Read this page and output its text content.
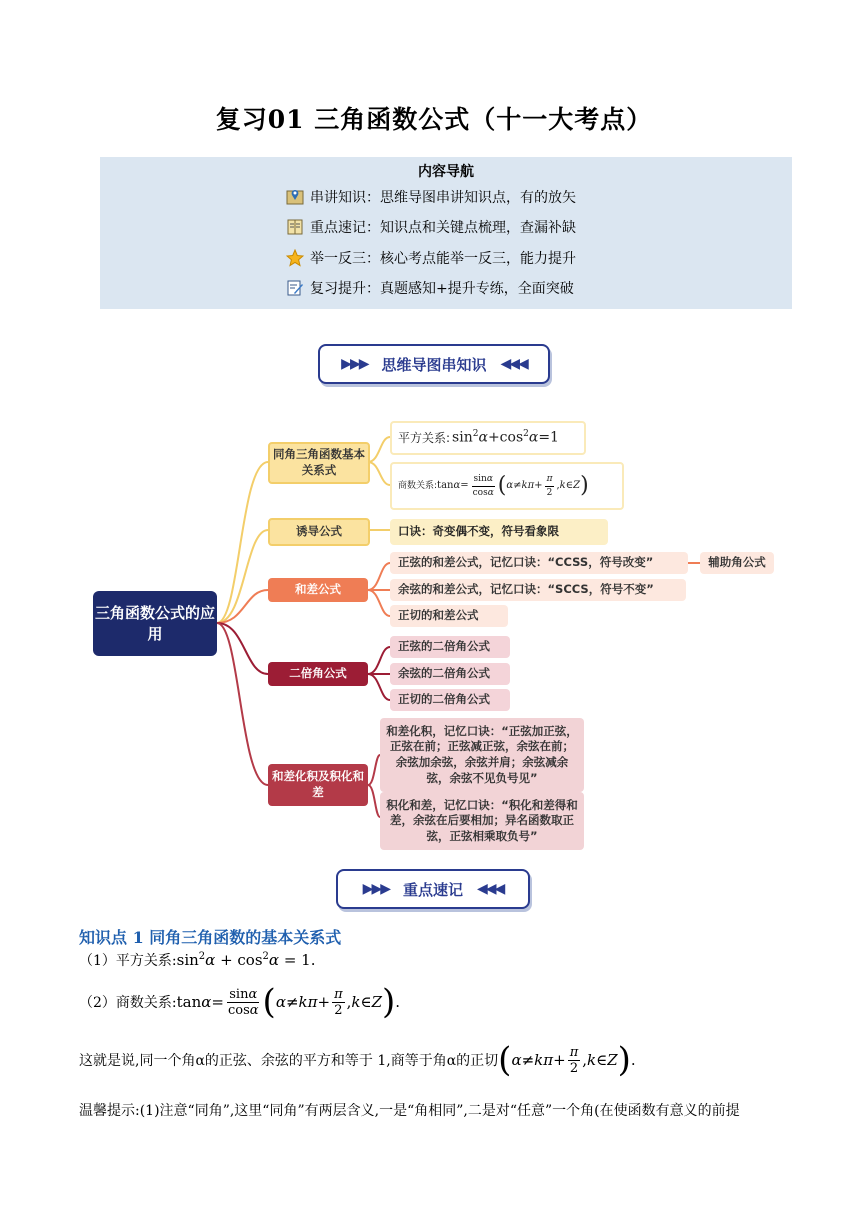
复习01 三角函数公式（十一大考点）
内容导航
串讲知识：思维导图串讲知识点，有的放矢
重点速记：知识点和关键点梳理，查漏补缺
举一反三：核心考点能举一反三，能力提升
复习提升：真题感知+提升专练，全面突破
▶▶▶ 思维导图串知识 ◀◀◀
三角函数公式的应用
同角三角函数基本关系式
平方关系: $\sin^2\alpha+\cos^2\alpha=1$
商数关系: $\tan \alpha = \frac{\sin\alpha}{\cos\alpha}$ ( $\alpha \ne k\pi + \frac{\pi}{2}$ , k ∈ Z )
诱导公式	口诀：奇变偶不变，符号看象限
和差公式
正弦的和差公式，记忆口诀：“CCSS，符号改变”	辅助角公式
余弦的和差公式，记忆口诀：“SCCS，符号不变”
正切的和差公式
二倍角公式
正弦的二倍角公式
余弦的二倍角公式
正切的二倍角公式
和差化积及积化和差
和差化积，记忆口诀：“正弦加正弦，正弦在前；正弦减正弦，余弦在前；余弦加余弦，余弦并肩；余弦减余弦，余弦不见负号见”
积化和差，记忆口诀：“积化和差得和差，余弦在后要相加；异名函数取正弦，正弦相乘取负号”
▶▶▶ 重点速记 ◀◀◀
知识点 1 同角三角函数的基本关系式
（1）平方关系$:\sin^2\alpha + \cos^2\alpha = 1$.
（2）商数关系: $\tan \alpha = \frac{\sin\alpha}{\cos\alpha}$ ( $\alpha \ne k\pi + \frac{\pi}{2}$ , k ∈ Z ) .
这就是说,同一个角α的正弦、余弦的平方和等于 1,商等于角α的正切 ( $\alpha \ne k\pi + \frac{\pi}{2}$ , k ∈ Z ) .
温馨提示:(1)注意“同角”,这里“同角”有两层含义,一是“角相同”,二是对“任意”一个角(在使函数有意义的前提
